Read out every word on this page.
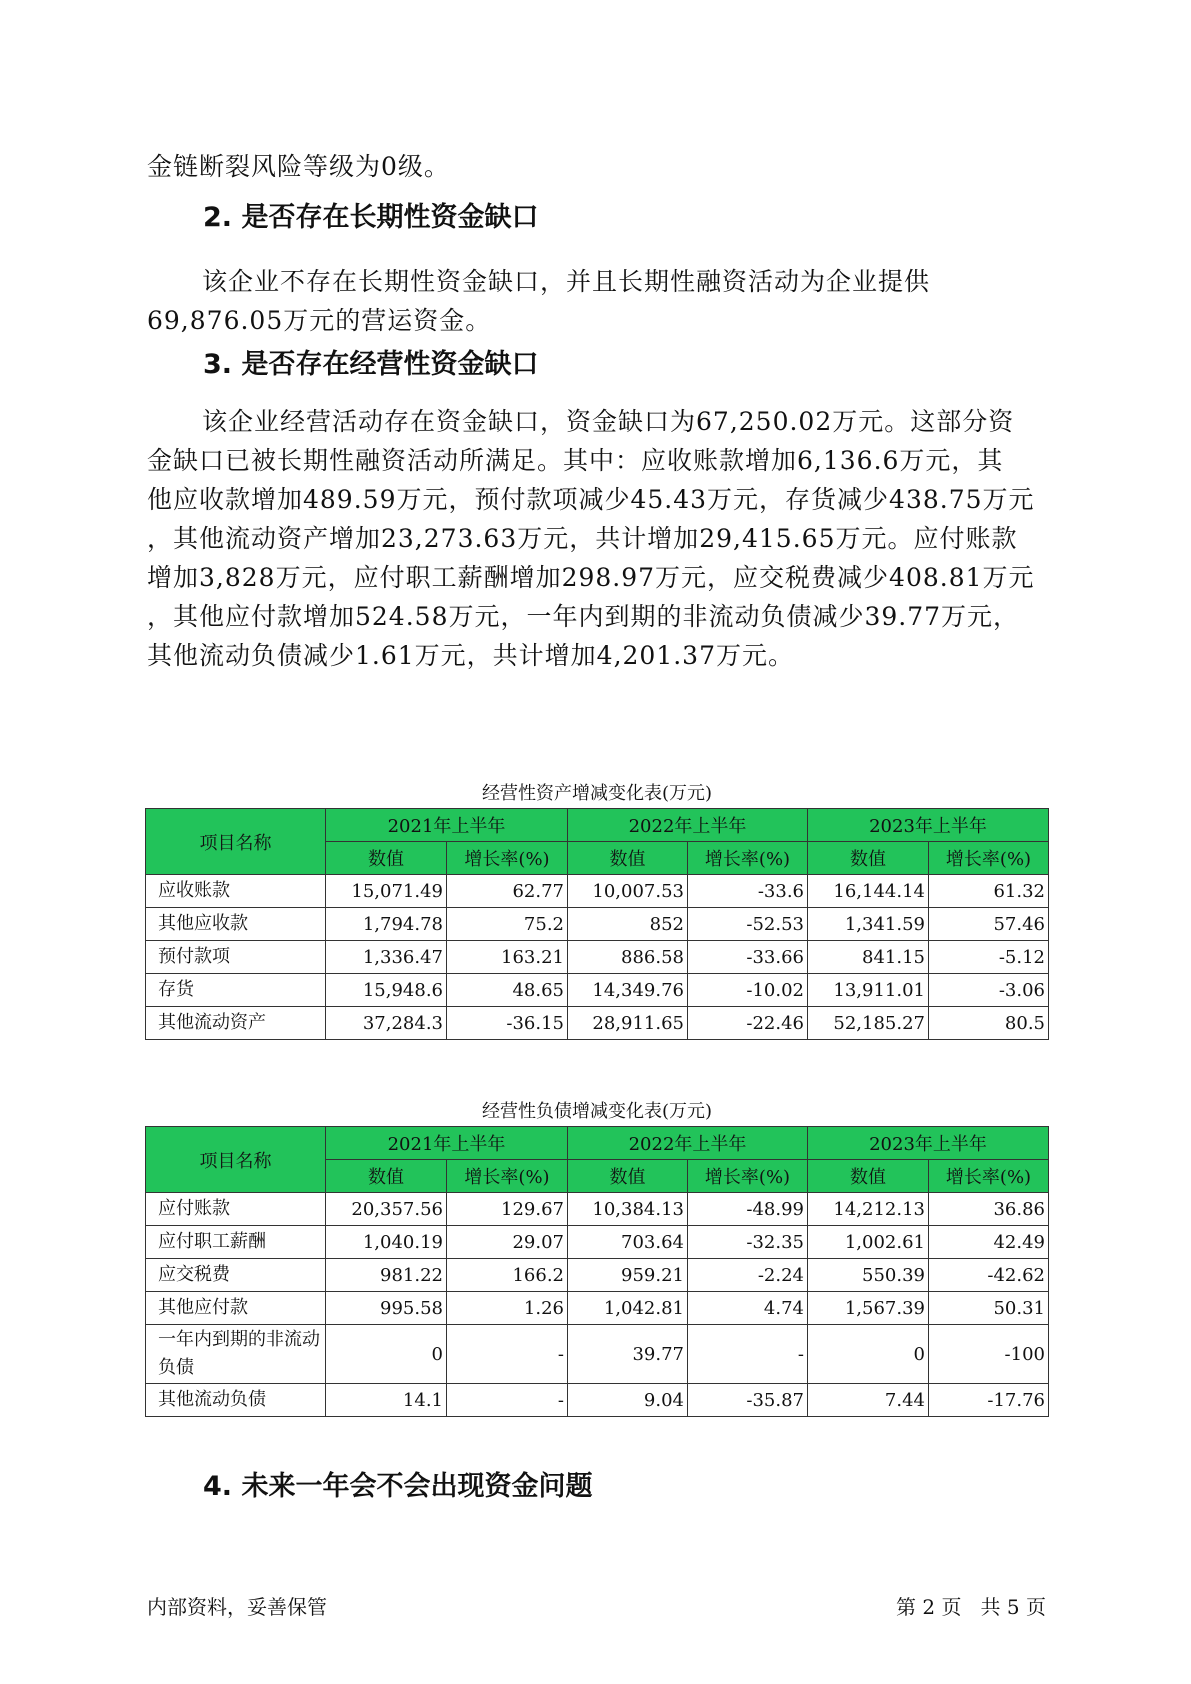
金链断裂风险等级为0级。

2. 是否存在长期性资金缺口

该企业不存在长期性资金缺口，并且长期性融资活动为企业提供
69,876.05万元的营运资金。

3. 是否存在经营性资金缺口

该企业经营活动存在资金缺口，资金缺口为67,250.02万元。这部分资
金缺口已被长期性融资活动所满足。其中：应收账款增加6,136.6万元，其
他应收款增加489.59万元，预付款项减少45.43万元，存货减少438.75万元
，其他流动资产增加23,273.63万元，共计增加29,415.65万元。应付账款
增加3,828万元，应付职工薪酬增加298.97万元，应交税费减少408.81万元
，其他应付款增加524.58万元，一年内到期的非流动负债减少39.77万元，
其他流动负债减少1.61万元，共计增加4,201.37万元。

经营性资产增减变化表(万元)
项目名称	2021年上半年		2022年上半年		2023年上半年	
	数值	增长率(%)	数值	增长率(%)	数值	增长率(%)
应收账款	15,071.49	62.77	10,007.53	-33.6	16,144.14	61.32
其他应收款	1,794.78	75.2	852	-52.53	1,341.59	57.46
预付款项	1,336.47	163.21	886.58	-33.66	841.15	-5.12
存货	15,948.6	48.65	14,349.76	-10.02	13,911.01	-3.06
其他流动资产	37,284.3	-36.15	28,911.65	-22.46	52,185.27	80.5
经营性负债增减变化表(万元)
项目名称	2021年上半年		2022年上半年		2023年上半年	
	数值	增长率(%)	数值	增长率(%)	数值	增长率(%)
应付账款	20,357.56	129.67	10,384.13	-48.99	14,212.13	36.86
应付职工薪酬	1,040.19	29.07	703.64	-32.35	1,002.61	42.49
应交税费	981.22	166.2	959.21	-2.24	550.39	-42.62
其他应付款	995.58	1.26	1,042.81	4.74	1,567.39	50.31
一年内到期的非流动负债	0	-	39.77	-	0	-100
其他流动负债	14.1	-	9.04	-35.87	7.44	-17.76
4. 未来一年会不会出现资金问题
内部资料，妥善保管	第 2 页   共 5 页
